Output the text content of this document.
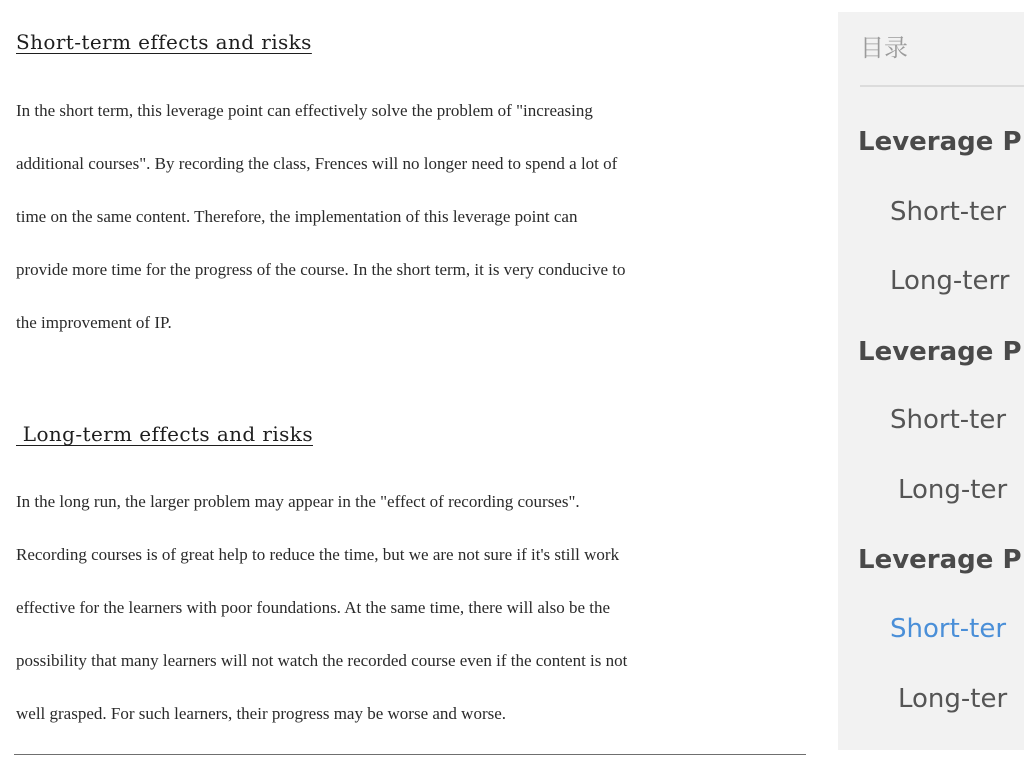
Short-term effects and risks

In the short term, this leverage point can effectively solve the problem of "increasing
additional courses". By recording the class, Frences will no longer need to spend a lot of
time on the same content. Therefore, the implementation of this leverage point can
provide more time for the progress of the course. In the short term, it is very conducive to
the improvement of IP.

Long-term effects and risks

In the long run, the larger problem may appear in the "effect of recording courses".
Recording courses is of great help to reduce the time, but we are not sure if it's still work
effective for the learners with poor foundations. At the same time, there will also be the
possibility that many learners will not watch the recorded course even if the content is not
well grasped. For such learners, their progress may be worse and worse.

目录
Leverage P
Short-ter
Long-terr
Leverage P
Short-ter
Long-ter
Leverage P
Short-ter
Long-ter
